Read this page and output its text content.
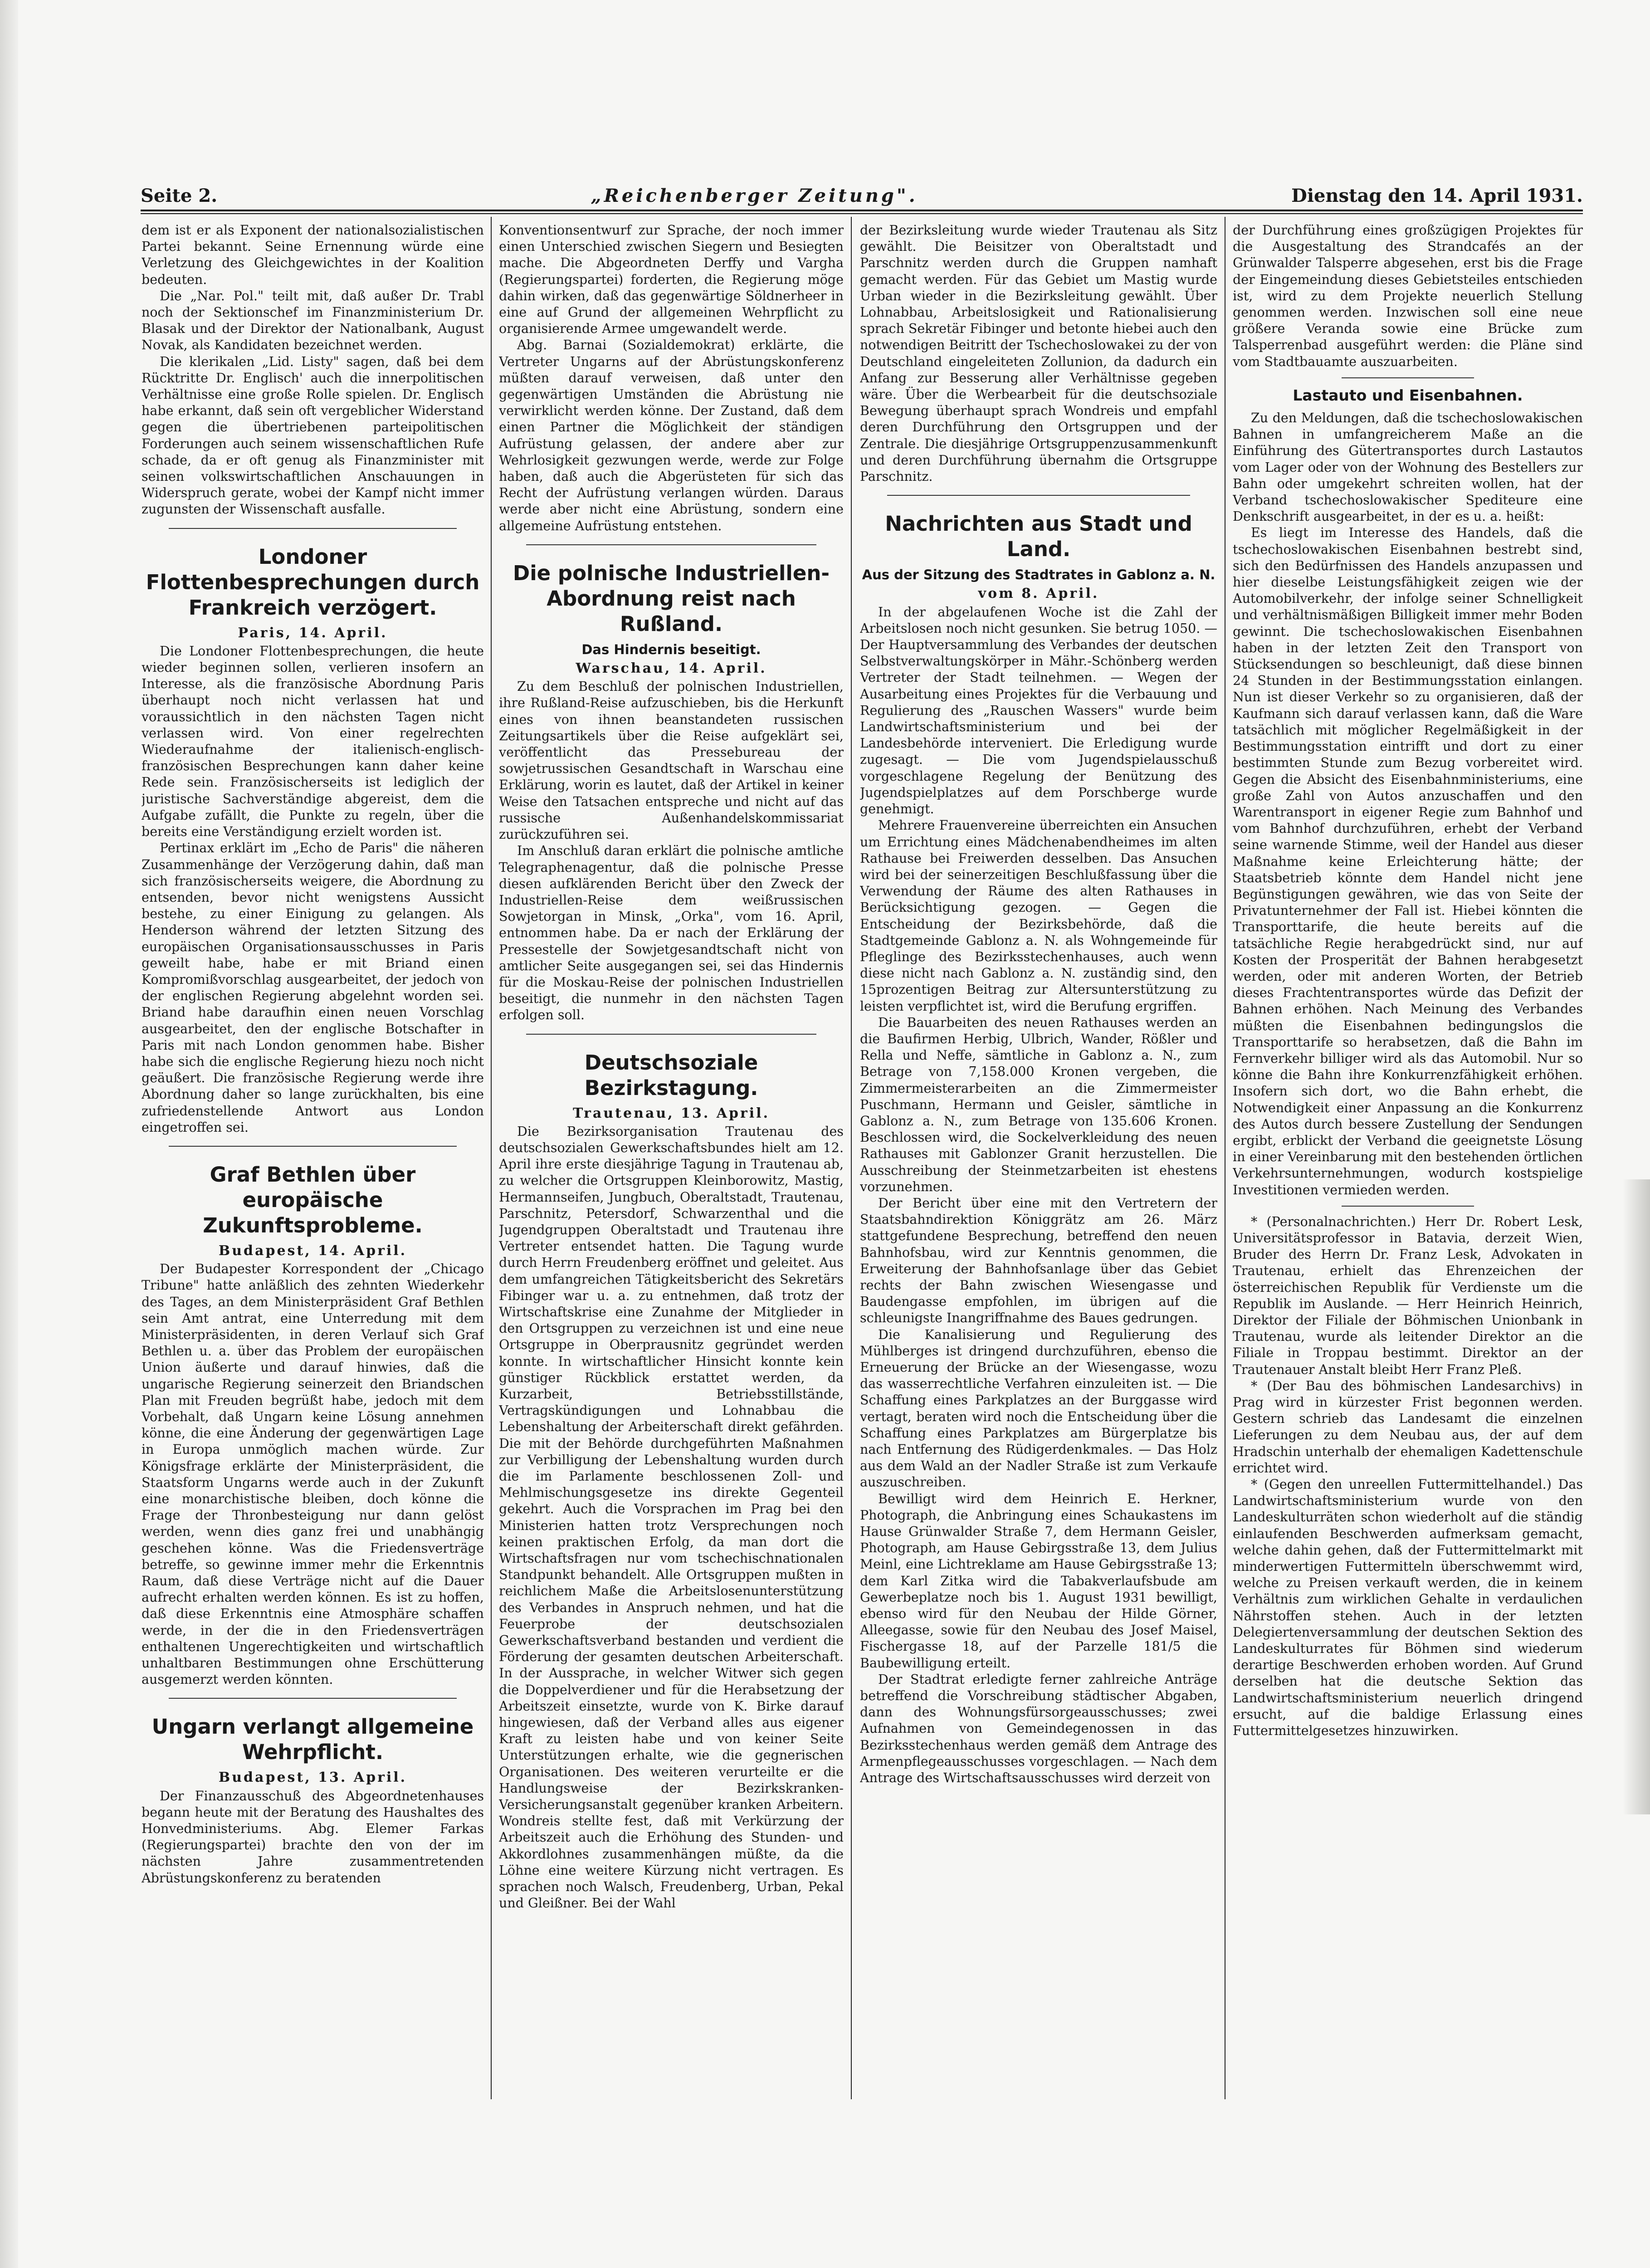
Seite 2.	„Reichenberger Zeitung".	Dienstag den 14. April 1931.

dem ist er als Exponent der nationalsozialistischen Partei bekannt. Seine Ernennung würde eine Verletzung des Gleichgewichtes in der Koalition bedeuten.

Die „Nar. Pol." teilt mit, daß außer Dr. Trabl noch der Sektionschef im Finanzministerium Dr. Blasak und der Direktor der Nationalbank, August Novak, als Kandidaten bezeichnet werden.

Die klerikalen „Lid. Listy" sagen, daß bei dem Rücktritte Dr. Englisch' auch die innerpolitischen Verhältnisse eine große Rolle spielen. Dr. Englisch habe erkannt, daß sein oft vergeblicher Widerstand gegen die übertriebenen parteipolitischen Forderungen auch seinem wissenschaftlichen Rufe schade, da er oft genug als Finanzminister mit seinen volkswirtschaftlichen Anschauungen in Widerspruch gerate, wobei der Kampf nicht immer zugunsten der Wissenschaft ausfalle.

Londoner Flottenbesprechungen durch Frankreich verzögert.
Paris, 14. April.

Die Londoner Flottenbesprechungen, die heute wieder beginnen sollen, verlieren insofern an Interesse, als die französische Abordnung Paris überhaupt noch nicht verlassen hat und voraussichtlich in den nächsten Tagen nicht verlassen wird. Von einer regelrechten Wiederaufnahme der italienisch-englisch-französischen Besprechungen kann daher keine Rede sein. Französischerseits ist lediglich der juristische Sachverständige abgereist, dem die Aufgabe zufällt, die Punkte zu regeln, über die bereits eine Verständigung erzielt worden ist.

Pertinax erklärt im „Echo de Paris" die näheren Zusammenhänge der Verzögerung dahin, daß man sich französischerseits weigere, die Abordnung zu entsenden, bevor nicht wenigstens Aussicht bestehe, zu einer Einigung zu gelangen. Als Henderson während der letzten Sitzung des europäischen Organisationsausschusses in Paris geweilt habe, habe er mit Briand einen Kompromißvorschlag ausgearbeitet, der jedoch von der englischen Regierung abgelehnt worden sei. Briand habe daraufhin einen neuen Vorschlag ausgearbeitet, den der englische Botschafter in Paris mit nach London genommen habe. Bisher habe sich die englische Regierung hiezu noch nicht geäußert. Die französische Regierung werde ihre Abordnung daher so lange zurückhalten, bis eine zufriedenstellende Antwort aus London eingetroffen sei.

Graf Bethlen über europäische Zukunftsprobleme.
Budapest, 14. April.

Der Budapester Korrespondent der „Chicago Tribune" hatte anläßlich des zehnten Wiederkehr des Tages, an dem Ministerpräsident Graf Bethlen sein Amt antrat, eine Unterredung mit dem Ministerpräsidenten, in deren Verlauf sich Graf Bethlen u. a. über das Problem der europäischen Union äußerte und darauf hinwies, daß die ungarische Regierung seinerzeit den Briandschen Plan mit Freuden begrüßt habe, jedoch mit dem Vorbehalt, daß Ungarn keine Lösung annehmen könne, die eine Änderung der gegenwärtigen Lage in Europa unmöglich machen würde. Zur Königsfrage erklärte der Ministerpräsident, die Staatsform Ungarns werde auch in der Zukunft eine monarchistische bleiben, doch könne die Frage der Thronbesteigung nur dann gelöst werden, wenn dies ganz frei und unabhängig geschehen könne. Was die Friedensverträge betreffe, so gewinne immer mehr die Erkenntnis Raum, daß diese Verträge nicht auf die Dauer aufrecht erhalten werden können. Es ist zu hoffen, daß diese Erkenntnis eine Atmosphäre schaffen werde, in der die in den Friedensverträgen enthaltenen Ungerechtigkeiten und wirtschaftlich unhaltbaren Bestimmungen ohne Erschütterung ausgemerzt werden könnten.

Ungarn verlangt allgemeine Wehrpflicht.
Budapest, 13. April.

Der Finanzausschuß des Abgeordnetenhauses begann heute mit der Beratung des Haushaltes des Honvedministeriums. Abg. Elemer Farkas (Regierungspartei) brachte den von der im nächsten Jahre zusammentretenden Abrüstungskonferenz zu beratenden

Konventionsentwurf zur Sprache, der noch immer einen Unterschied zwischen Siegern und Besiegten mache. Die Abgeordneten Derffy und Vargha (Regierungspartei) forderten, die Regierung möge dahin wirken, daß das gegenwärtige Söldnerheer in eine auf Grund der allgemeinen Wehrpflicht zu organisierende Armee umgewandelt werde.

Abg. Barnai (Sozialdemokrat) erklärte, die Vertreter Ungarns auf der Abrüstungskonferenz müßten darauf verweisen, daß unter den gegenwärtigen Umständen die Abrüstung nie verwirklicht werden könne. Der Zustand, daß dem einen Partner die Möglichkeit der ständigen Aufrüstung gelassen, der andere aber zur Wehrlosigkeit gezwungen werde, werde zur Folge haben, daß auch die Abgerüsteten für sich das Recht der Aufrüstung verlangen würden. Daraus werde aber nicht eine Abrüstung, sondern eine allgemeine Aufrüstung entstehen.

Die polnische Industriellen-Abordnung reist nach Rußland.
Das Hindernis beseitigt.
Warschau, 14. April.

Zu dem Beschluß der polnischen Industriellen, ihre Rußland-Reise aufzuschieben, bis die Herkunft eines von ihnen beanstandeten russischen Zeitungsartikels über die Reise aufgeklärt sei, veröffentlicht das Pressebureau der sowjetrussischen Gesandtschaft in Warschau eine Erklärung, worin es lautet, daß der Artikel in keiner Weise den Tatsachen entspreche und nicht auf das russische Außenhandelskommissariat zurückzuführen sei.

Im Anschluß daran erklärt die polnische amtliche Telegraphenagentur, daß die polnische Presse diesen aufklärenden Bericht über den Zweck der Industriellen-Reise dem weißrussischen Sowjetorgan in Minsk, „Orka", vom 16. April, entnommen habe. Da er nach der Erklärung der Pressestelle der Sowjetgesandtschaft nicht von amtlicher Seite ausgegangen sei, sei das Hindernis für die Moskau-Reise der polnischen Industriellen beseitigt, die nunmehr in den nächsten Tagen erfolgen soll.

Deutschsoziale Bezirkstagung.
Trautenau, 13. April.

Die Bezirksorganisation Trautenau des deutschsozialen Gewerkschaftsbundes hielt am 12. April ihre erste diesjährige Tagung in Trautenau ab, zu welcher die Ortsgruppen Kleinborowitz, Mastig, Hermannseifen, Jungbuch, Oberaltstadt, Trautenau, Parschnitz, Petersdorf, Schwarzenthal und die Jugendgruppen Oberaltstadt und Trautenau ihre Vertreter entsendet hatten. Die Tagung wurde durch Herrn Freudenberg eröffnet und geleitet. Aus dem umfangreichen Tätigkeitsbericht des Sekretärs Fibinger war u. a. zu entnehmen, daß trotz der Wirtschaftskrise eine Zunahme der Mitglieder in den Ortsgruppen zu verzeichnen ist und eine neue Ortsgruppe in Oberprausnitz gegründet werden konnte. In wirtschaftlicher Hinsicht konnte kein günstiger Rückblick erstattet werden, da Kurzarbeit, Betriebsstillstände, Vertragskündigungen und Lohnabbau die Lebenshaltung der Arbeiterschaft direkt gefährden. Die mit der Behörde durchgeführten Maßnahmen zur Verbilligung der Lebenshaltung wurden durch die im Parlamente beschlossenen Zoll- und Mehlmischungsgesetze ins direkte Gegenteil gekehrt. Auch die Vorsprachen im Prag bei den Ministerien hatten trotz Versprechungen noch keinen praktischen Erfolg, da man dort die Wirtschaftsfragen nur vom tschechischnationalen Standpunkt behandelt. Alle Ortsgruppen mußten in reichlichem Maße die Arbeitslosenunterstützung des Verbandes in Anspruch nehmen, und hat die Feuerprobe der deutschsozialen Gewerkschaftsverband bestanden und verdient die Förderung der gesamten deutschen Arbeiterschaft. In der Aussprache, in welcher Witwer sich gegen die Doppelverdiener und für die Herabsetzung der Arbeitszeit einsetzte, wurde von K. Birke darauf hingewiesen, daß der Verband alles aus eigener Kraft zu leisten habe und von keiner Seite Unterstützungen erhalte, wie die gegnerischen Organisationen. Des weiteren verurteilte er die Handlungsweise der Bezirkskranken-Versicherungsanstalt gegenüber kranken Arbeitern. Wondreis stellte fest, daß mit Verkürzung der Arbeitszeit auch die Erhöhung des Stunden- und Akkordlohnes zusammenhängen müßte, da die Löhne eine weitere Kürzung nicht vertragen. Es sprachen noch Walsch, Freudenberg, Urban, Pekal und Gleißner. Bei der Wahl

der Bezirksleitung wurde wieder Trautenau als Sitz gewählt. Die Beisitzer von Oberaltstadt und Parschnitz werden durch die Gruppen namhaft gemacht werden. Für das Gebiet um Mastig wurde Urban wieder in die Bezirksleitung gewählt. Über Lohnabbau, Arbeitslosigkeit und Rationalisierung sprach Sekretär Fibinger und betonte hiebei auch den notwendigen Beitritt der Tschechoslowakei zu der von Deutschland eingeleiteten Zollunion, da dadurch ein Anfang zur Besserung aller Verhältnisse gegeben wäre. Über die Werbearbeit für die deutschsoziale Bewegung überhaupt sprach Wondreis und empfahl deren Durchführung den Ortsgruppen und der Zentrale. Die diesjährige Ortsgruppenzusammenkunft und deren Durchführung übernahm die Ortsgruppe Parschnitz.

Nachrichten aus Stadt und Land.
Aus der Sitzung des Stadtrates in Gablonz a. N.
vom 8. April.

In der abgelaufenen Woche ist die Zahl der Arbeitslosen noch nicht gesunken. Sie betrug 1050. — Der Hauptversammlung des Verbandes der deutschen Selbstverwaltungskörper in Mähr.-Schönberg werden Vertreter der Stadt teilnehmen. — Wegen der Ausarbeitung eines Projektes für die Verbauung und Regulierung des „Rauschen Wassers" wurde beim Landwirtschaftsministerium und bei der Landesbehörde interveniert. Die Erledigung wurde zugesagt. — Die vom Jugendspielausschuß vorgeschlagene Regelung der Benützung des Jugendspielplatzes auf dem Porschberge wurde genehmigt.

Mehrere Frauenvereine überreichten ein Ansuchen um Errichtung eines Mädchenabendheimes im alten Rathause bei Freiwerden desselben. Das Ansuchen wird bei der seinerzeitigen Beschlußfassung über die Verwendung der Räume des alten Rathauses in Berücksichtigung gezogen. — Gegen die Entscheidung der Bezirksbehörde, daß die Stadtgemeinde Gablonz a. N. als Wohngemeinde für Pfleglinge des Bezirksstechenhauses, auch wenn diese nicht nach Gablonz a. N. zuständig sind, den 15prozentigen Beitrag zur Altersunterstützung zu leisten verpflichtet ist, wird die Berufung ergriffen.

Die Bauarbeiten des neuen Rathauses werden an die Baufirmen Herbig, Ulbrich, Wander, Rößler und Rella und Neffe, sämtliche in Gablonz a. N., zum Betrage von 7,158.000 Kronen vergeben, die Zimmermeisterarbeiten an die Zimmermeister Puschmann, Hermann und Geisler, sämtliche in Gablonz a. N., zum Betrage von 135.606 Kronen. Beschlossen wird, die Sockelverkleidung des neuen Rathauses mit Gablonzer Granit herzustellen. Die Ausschreibung der Steinmetzarbeiten ist ehestens vorzunehmen.

Der Bericht über eine mit den Vertretern der Staatsbahndirektion Königgrätz am 26. März stattgefundene Besprechung, betreffend den neuen Bahnhofsbau, wird zur Kenntnis genommen, die Erweiterung der Bahnhofsanlage über das Gebiet rechts der Bahn zwischen Wiesengasse und Baudengasse empfohlen, im übrigen auf die schleunigste Inangriffnahme des Baues gedrungen.

Die Kanalisierung und Regulierung des Mühlberges ist dringend durchzuführen, ebenso die Erneuerung der Brücke an der Wiesengasse, wozu das wasserrechtliche Verfahren einzuleiten ist. — Die Schaffung eines Parkplatzes an der Burggasse wird vertagt, beraten wird noch die Entscheidung über die Schaffung eines Parkplatzes am Bürgerplatze bis nach Entfernung des Rüdigerdenkmales. — Das Holz aus dem Wald an der Nadler Straße ist zum Verkaufe auszuschreiben.

Bewilligt wird dem Heinrich E. Herkner, Photograph, die Anbringung eines Schaukastens im Hause Grünwalder Straße 7, dem Hermann Geisler, Photograph, am Hause Gebirgsstraße 13, dem Julius Meinl, eine Lichtreklame am Hause Gebirgsstraße 13; dem Karl Zitka wird die Tabakverlaufsbude am Gewerbeplatze noch bis 1. August 1931 bewilligt, ebenso wird für den Neubau der Hilde Görner, Alleegasse, sowie für den Neubau des Josef Maisel, Fischergasse 18, auf der Parzelle 181/5 die Baubewilligung erteilt.

Der Stadtrat erledigte ferner zahlreiche Anträge betreffend die Vorschreibung städtischer Abgaben, dann des Wohnungsfürsorgeausschusses; zwei Aufnahmen von Gemeindegenossen in das Bezirksstechenhaus werden gemäß dem Antrage des Armenpflegeausschusses vorgeschlagen. — Nach dem Antrage des Wirtschaftsausschusses wird derzeit von

der Durchführung eines großzügigen Projektes für die Ausgestaltung des Strandcafés an der Grünwalder Talsperre abgesehen, erst bis die Frage der Eingemeindung dieses Gebietsteiles entschieden ist, wird zu dem Projekte neuerlich Stellung genommen werden. Inzwischen soll eine neue größere Veranda sowie eine Brücke zum Talsperrenbad ausgeführt werden: die Pläne sind vom Stadtbauamte auszuarbeiten.

Lastauto und Eisenbahnen.

Zu den Meldungen, daß die tschechoslowakischen Bahnen in umfangreicherem Maße an die Einführung des Gütertransportes durch Lastautos vom Lager oder von der Wohnung des Bestellers zur Bahn oder umgekehrt schreiten wollen, hat der Verband tschechoslowakischer Spediteure eine Denkschrift ausgearbeitet, in der es u. a. heißt:

Es liegt im Interesse des Handels, daß die tschechoslowakischen Eisenbahnen bestrebt sind, sich den Bedürfnissen des Handels anzupassen und hier dieselbe Leistungsfähigkeit zeigen wie der Automobilverkehr, der infolge seiner Schnelligkeit und verhältnismäßigen Billigkeit immer mehr Boden gewinnt. Die tschechoslowakischen Eisenbahnen haben in der letzten Zeit den Transport von Stücksendungen so beschleunigt, daß diese binnen 24 Stunden in der Bestimmungsstation einlangen. Nun ist dieser Verkehr so zu organisieren, daß der Kaufmann sich darauf verlassen kann, daß die Ware tatsächlich mit möglicher Regelmäßigkeit in der Bestimmungsstation eintrifft und dort zu einer bestimmten Stunde zum Bezug vorbereitet wird. Gegen die Absicht des Eisenbahnministeriums, eine große Zahl von Autos anzuschaffen und den Warentransport in eigener Regie zum Bahnhof und vom Bahnhof durchzuführen, erhebt der Verband seine warnende Stimme, weil der Handel aus dieser Maßnahme keine Erleichterung hätte; der Staatsbetrieb könnte dem Handel nicht jene Begünstigungen gewähren, wie das von Seite der Privatunternehmer der Fall ist. Hiebei könnten die Transporttarife, die heute bereits auf die tatsächliche Regie herabgedrückt sind, nur auf Kosten der Prosperität der Bahnen herabgesetzt werden, oder mit anderen Worten, der Betrieb dieses Frachtentransportes würde das Defizit der Bahnen erhöhen. Nach Meinung des Verbandes müßten die Eisenbahnen bedingungslos die Transporttarife so herabsetzen, daß die Bahn im Fernverkehr billiger wird als das Automobil. Nur so könne die Bahn ihre Konkurrenzfähigkeit erhöhen. Insofern sich dort, wo die Bahn erhebt, die Notwendigkeit einer Anpassung an die Konkurrenz des Autos durch bessere Zustellung der Sendungen ergibt, erblickt der Verband die geeignetste Lösung in einer Vereinbarung mit den bestehenden örtlichen Verkehrsunternehmungen, wodurch kostspielige Investitionen vermieden werden.

* (Personalnachrichten.) Herr Dr. Robert Lesk, Universitätsprofessor in Batavia, derzeit Wien, Bruder des Herrn Dr. Franz Lesk, Advokaten in Trautenau, erhielt das Ehrenzeichen der österreichischen Republik für Verdienste um die Republik im Auslande. — Herr Heinrich Heinrich, Direktor der Filiale der Böhmischen Unionbank in Trautenau, wurde als leitender Direktor an die Filiale in Troppau bestimmt. Direktor an der Trautenauer Anstalt bleibt Herr Franz Pleß.

* (Der Bau des böhmischen Landesarchivs) in Prag wird in kürzester Frist begonnen werden. Gestern schrieb das Landesamt die einzelnen Lieferungen zu dem Neubau aus, der auf dem Hradschin unterhalb der ehemaligen Kadettenschule errichtet wird.

* (Gegen den unreellen Futtermittelhandel.) Das Landwirtschaftsministerium wurde von den Landeskulturräten schon wiederholt auf die ständig einlaufenden Beschwerden aufmerksam gemacht, welche dahin gehen, daß der Futtermittelmarkt mit minderwertigen Futtermitteln überschwemmt wird, welche zu Preisen verkauft werden, die in keinem Verhältnis zum wirklichen Gehalte in verdaulichen Nährstoffen stehen. Auch in der letzten Delegiertenversammlung der deutschen Sektion des Landeskulturrates für Böhmen sind wiederum derartige Beschwerden erhoben worden. Auf Grund derselben hat die deutsche Sektion das Landwirtschaftsministerium neuerlich dringend ersucht, auf die baldige Erlassung eines Futtermittelgesetzes hinzuwirken.
